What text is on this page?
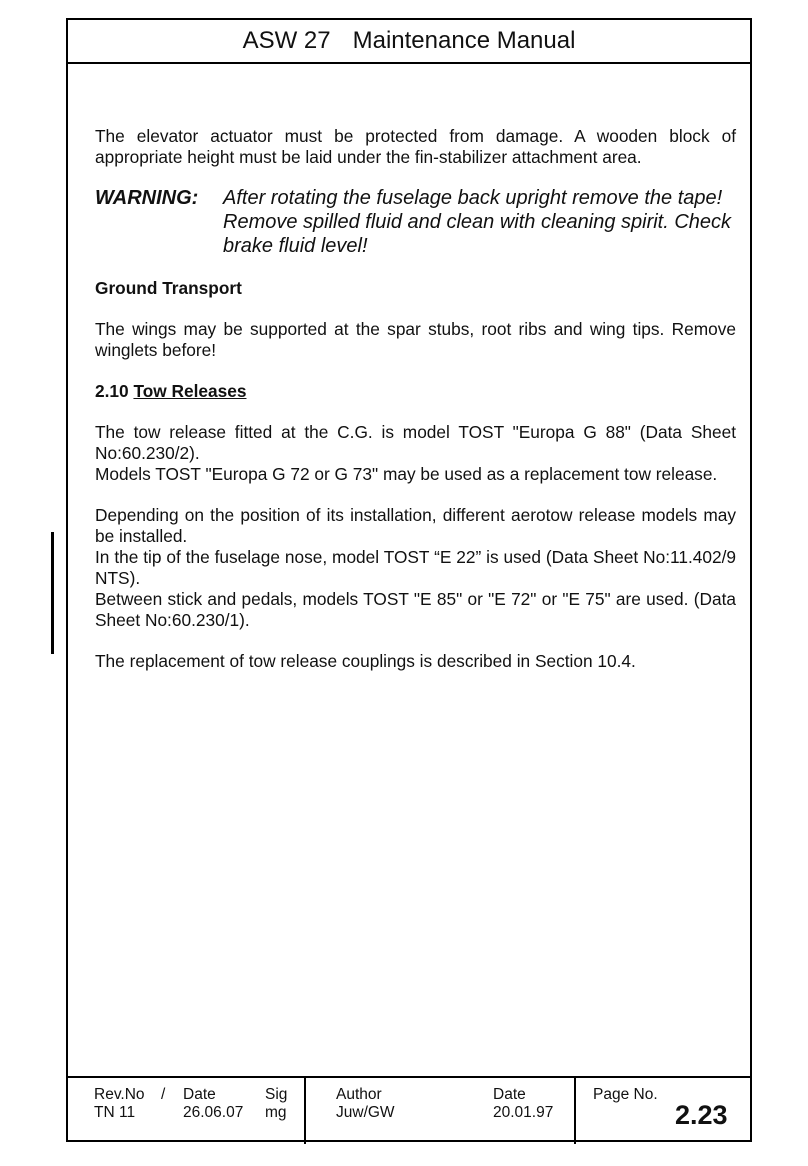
ASW 27 Maintenance Manual

The elevator actuator must be protected from damage. A wooden block of appropriate height must be laid under the fin-stabilizer attachment area.

WARNING: After rotating the fuselage back upright remove the tape! Remove spilled fluid and clean with cleaning spirit. Check brake fluid level!

Ground Transport

The wings may be supported at the spar stubs, root ribs and wing tips. Remove winglets before!

2.10 Tow Releases

The tow release fitted at the C.G. is model TOST "Europa G 88" (Data Sheet No:60.230/2).

Models TOST "Europa G 72 or G 73" may be used as a replacement tow release.

Depending on the position of its installation, different aerotow release models may be installed.

In the tip of the fuselage nose, model TOST “E 22” is used (Data Sheet No:11.402/9 NTS).

Between stick and pedals, models TOST "E 85" or "E 72" or "E 75" are used. (Data Sheet No:60.230/1).

The replacement of tow release couplings is described in Section 10.4.

Rev.No / Date	Sig
TN 11	26.06.07 mg
Author	Date
Juw/GW	20.01.97
Page No.
2.23
